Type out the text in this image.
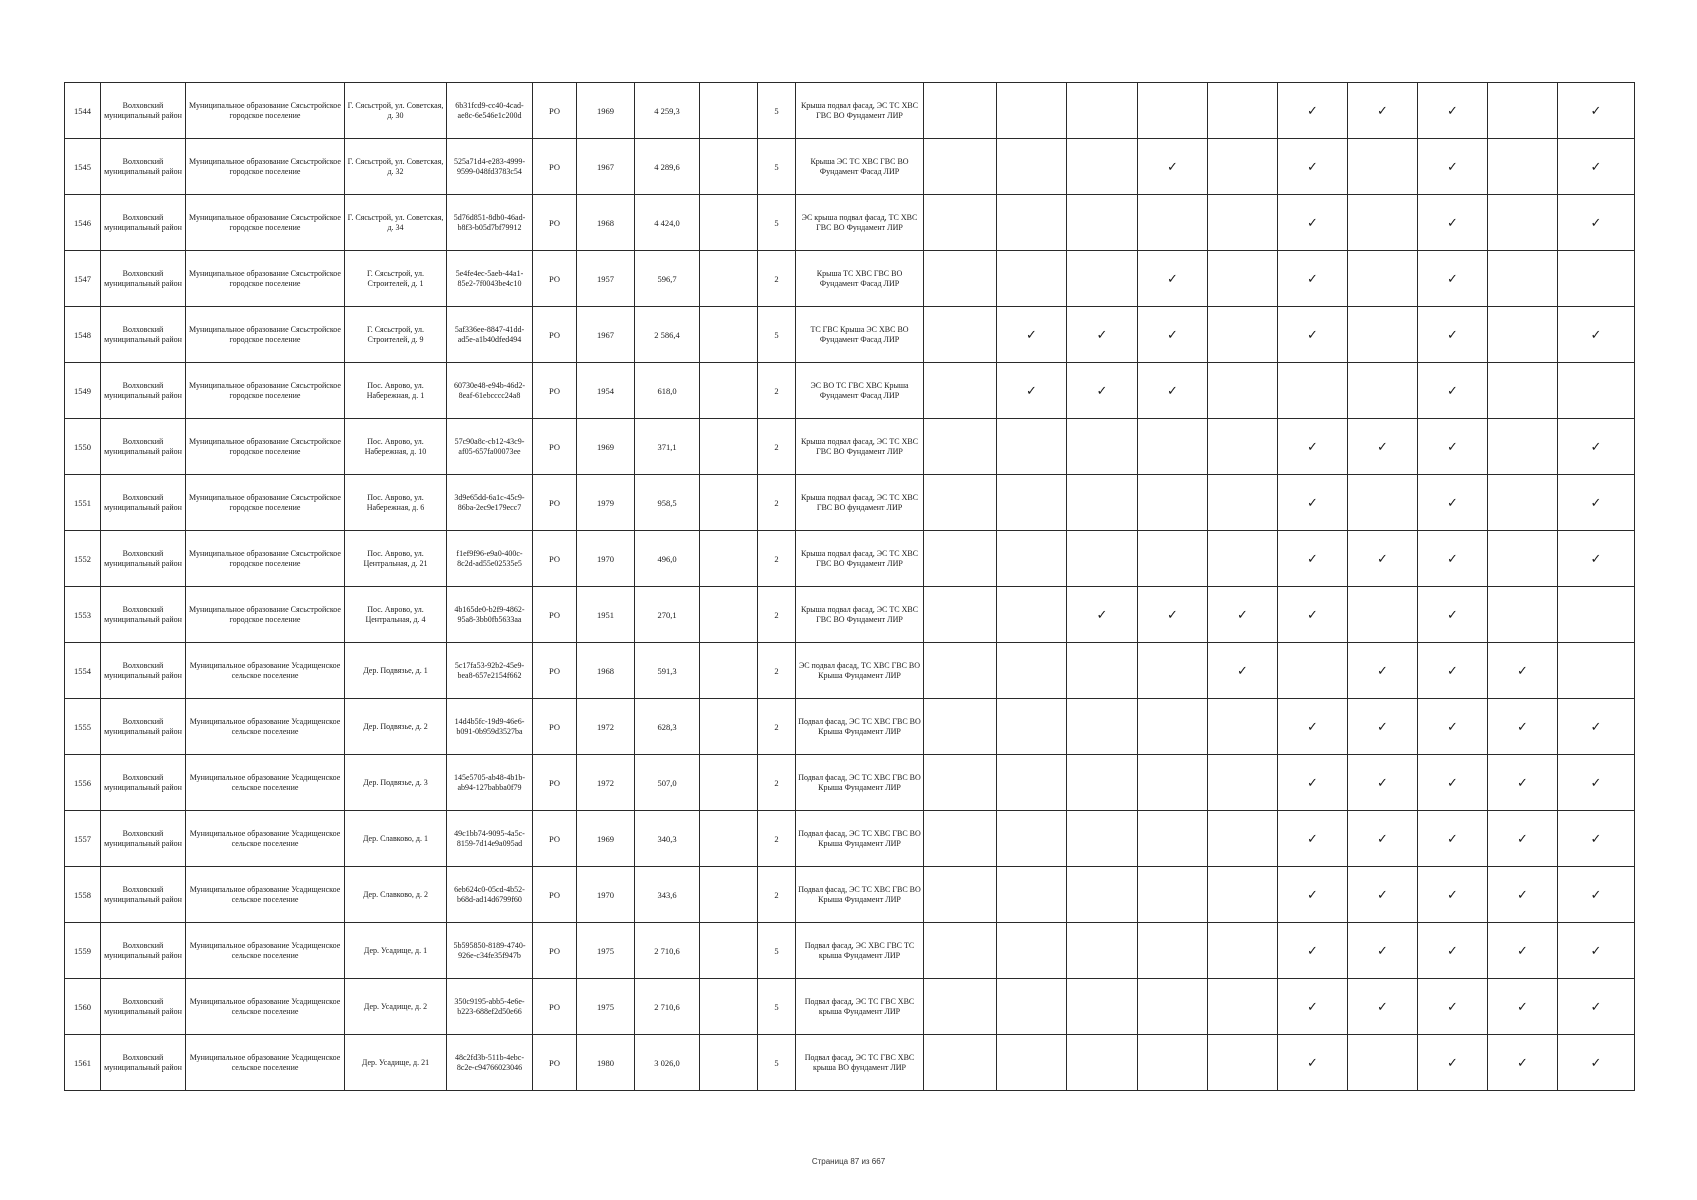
1544	Волховский муниципальный район	Муниципальное образование Сясьстройское городское поселение	Г. Сясьстрой, ул. Советская, д. 30	6b31fcd9-cc40-4cad-ae8c-6e546e1c200d	РО	1969	4 259,3		5	Крыша подвал фасад, ЭС ТС ХВС ГВС ВО Фундамент ЛИР						✓	✓	✓		✓
1545	Волховский муниципальный район	Муниципальное образование Сясьстройское городское поселение	Г. Сясьстрой, ул. Советская, д. 32	525a71d4-e283-4999-9599-048fd3783c54	РО	1967	4 289,6		5	Крыша ЭС ТС ХВС ГВС ВО Фундамент Фасад ЛИР				✓		✓		✓		✓
1546	Волховский муниципальный район	Муниципальное образование Сясьстройское городское поселение	Г. Сясьстрой, ул. Советская, д. 34	5d76d851-8db0-46ad-b8f3-b05d7bf79912	РО	1968	4 424,0		5	ЭС крыша подвал фасад, ТС ХВС ГВС ВО Фундамент ЛИР						✓		✓		✓
1547	Волховский муниципальный район	Муниципальное образование Сясьстройское городское поселение	Г. Сясьстрой, ул. Строителей, д. 1	5e4fe4ec-5aeb-44a1-85e2-7f0043be4c10	РО	1957	596,7		2	Крыша ТС ХВС ГВС ВО Фундамент Фасад ЛИР				✓		✓		✓		
1548	Волховский муниципальный район	Муниципальное образование Сясьстройское городское поселение	Г. Сясьстрой, ул. Строителей, д. 9	5af336ee-8847-41dd-ad5e-a1b40dfed494	РО	1967	2 586,4		5	ТС ГВС Крыша ЭС ХВС ВО Фундамент Фасад ЛИР		✓	✓	✓		✓		✓		✓
1549	Волховский муниципальный район	Муниципальное образование Сясьстройское городское поселение	Пос. Аврово, ул. Набережная, д. 1	60730e48-e94b-46d2-8eaf-61ebcccc24a8	РО	1954	618,0		2	ЭС ВО ТС ГВС ХВС Крыша Фундамент Фасад ЛИР		✓	✓	✓				✓		
1550	Волховский муниципальный район	Муниципальное образование Сясьстройское городское поселение	Пос. Аврово, ул. Набережная, д. 10	57c90a8c-cb12-43c9-af05-657fa00073ee	РО	1969	371,1		2	Крыша подвал фасад, ЭС ТС ХВС ГВС ВО Фундамент ЛИР						✓	✓	✓		✓
1551	Волховский муниципальный район	Муниципальное образование Сясьстройское городское поселение	Пос. Аврово, ул. Набережная, д. 6	3d9e65dd-6a1c-45c9-86ba-2ec9e179ecc7	РО	1979	958,5		2	Крыша подвал фасад, ЭС ТС ХВС ГВС ВО фундамент ЛИР						✓		✓		✓
1552	Волховский муниципальный район	Муниципальное образование Сясьстройское городское поселение	Пос. Аврово, ул. Центральная, д. 21	f1ef9f96-e9a0-400c-8c2d-ad55e02535e5	РО	1970	496,0		2	Крыша подвал фасад, ЭС ТС ХВС ГВС ВО Фундамент ЛИР						✓	✓	✓		✓
1553	Волховский муниципальный район	Муниципальное образование Сясьстройское городское поселение	Пос. Аврово, ул. Центральная, д. 4	4b165de0-b2f9-4862-95a8-3bb0fb5633aa	РО	1951	270,1		2	Крыша подвал фасад, ЭС ТС ХВС ГВС ВО Фундамент ЛИР			✓	✓	✓	✓		✓		
1554	Волховский муниципальный район	Муниципальное образование Усадищенское сельское поселение	Дер. Подвязье, д. 1	5c17fa53-92b2-45e9-bea8-657e2154f662	РО	1968	591,3		2	ЭС подвал фасад, ТС ХВС ГВС ВО Крыша Фундамент ЛИР					✓		✓	✓	✓	
1555	Волховский муниципальный район	Муниципальное образование Усадищенское сельское поселение	Дер. Подвязье, д. 2	14d4b5fc-19d9-46e6-b091-0b959d3527ba	РО	1972	628,3		2	Подвал фасад, ЭС ТС ХВС ГВС ВО Крыша Фундамент ЛИР						✓	✓	✓	✓	✓
1556	Волховский муниципальный район	Муниципальное образование Усадищенское сельское поселение	Дер. Подвязье, д. 3	145e5705-ab48-4b1b-ab94-127babba0f79	РО	1972	507,0		2	Подвал фасад, ЭС ТС ХВС ГВС ВО Крыша Фундамент ЛИР						✓	✓	✓	✓	✓
1557	Волховский муниципальный район	Муниципальное образование Усадищенское сельское поселение	Дер. Славково, д. 1	49c1bb74-9095-4a5c-8159-7d14e9a095ad	РО	1969	340,3		2	Подвал фасад, ЭС ТС ХВС ГВС ВО Крыша Фундамент ЛИР						✓	✓	✓	✓	✓
1558	Волховский муниципальный район	Муниципальное образование Усадищенское сельское поселение	Дер. Славково, д. 2	6eb624c0-05cd-4b52-b68d-ad14d6799f60	РО	1970	343,6		2	Подвал фасад, ЭС ТС ХВС ГВС ВО Крыша Фундамент ЛИР						✓	✓	✓	✓	✓
1559	Волховский муниципальный район	Муниципальное образование Усадищенское сельское поселение	Дер. Усадище, д. 1	5b595850-8189-4740-926e-c34fe35f947b	РО	1975	2 710,6		5	Подвал фасад, ЭС ХВС ГВС ТС крыша Фундамент ЛИР						✓	✓	✓	✓	✓
1560	Волховский муниципальный район	Муниципальное образование Усадищенское сельское поселение	Дер. Усадище, д. 2	350c9195-abb5-4e6e-b223-688ef2d50e66	РО	1975	2 710,6		5	Подвал фасад, ЭС ТС ГВС ХВС крыша Фундамент ЛИР						✓	✓	✓	✓	✓
1561	Волховский муниципальный район	Муниципальное образование Усадищенское сельское поселение	Дер. Усадище, д. 21	48c2fd3b-511b-4ebc-8c2e-c94766023046	РО	1980	3 026,0		5	Подвал фасад, ЭС ТС ГВС ХВС крыша ВО фундамент ЛИР						✓		✓	✓	✓
Страница 87 из 667
